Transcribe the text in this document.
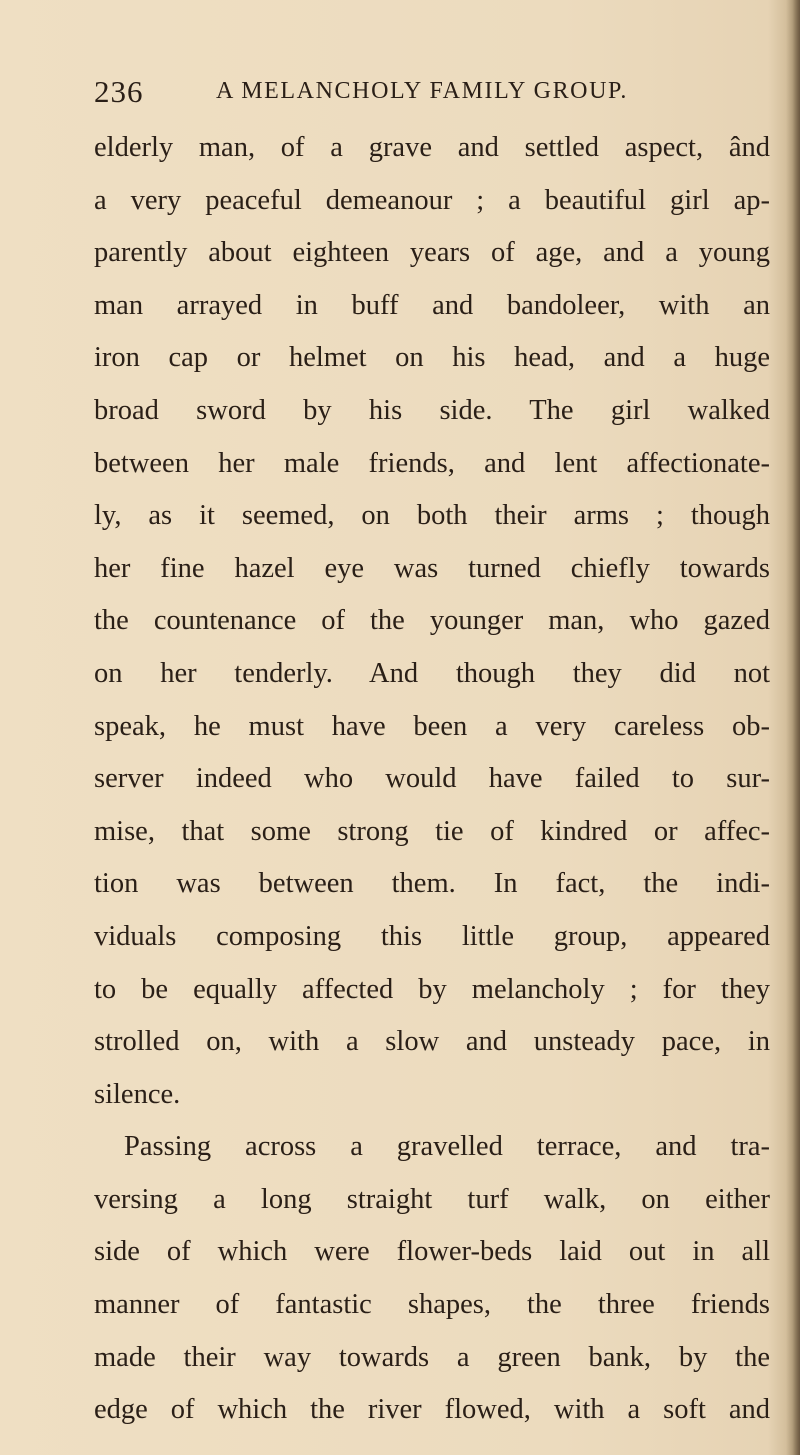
236	A MELANCHOLY FAMILY GROUP.
elderly man, of a grave and settled aspect, ând
a very peaceful demeanour ; a beautiful girl ap-
parently about eighteen years of age, and a young
man arrayed in buff and bandoleer, with an
iron cap or helmet on his head, and a huge
broad sword by his side. The girl walked
between her male friends, and lent affectionate-
ly, as it seemed, on both their arms ; though
her fine hazel eye was turned chiefly towards
the countenance of the younger man, who gazed
on her tenderly. And though they did not
speak, he must have been a very careless ob-
server indeed who would have failed to sur-
mise, that some strong tie of kindred or affec-
tion was between them. In fact, the indi-
viduals composing this little group, appeared
to be equally affected by melancholy ; for they
strolled on, with a slow and unsteady pace, in
silence.
Passing across a gravelled terrace, and tra-
versing a long straight turf walk, on either
side of which were flower-beds laid out in all
manner of fantastic shapes, the three friends
made their way towards a green bank, by the
edge of which the river flowed, with a soft and
